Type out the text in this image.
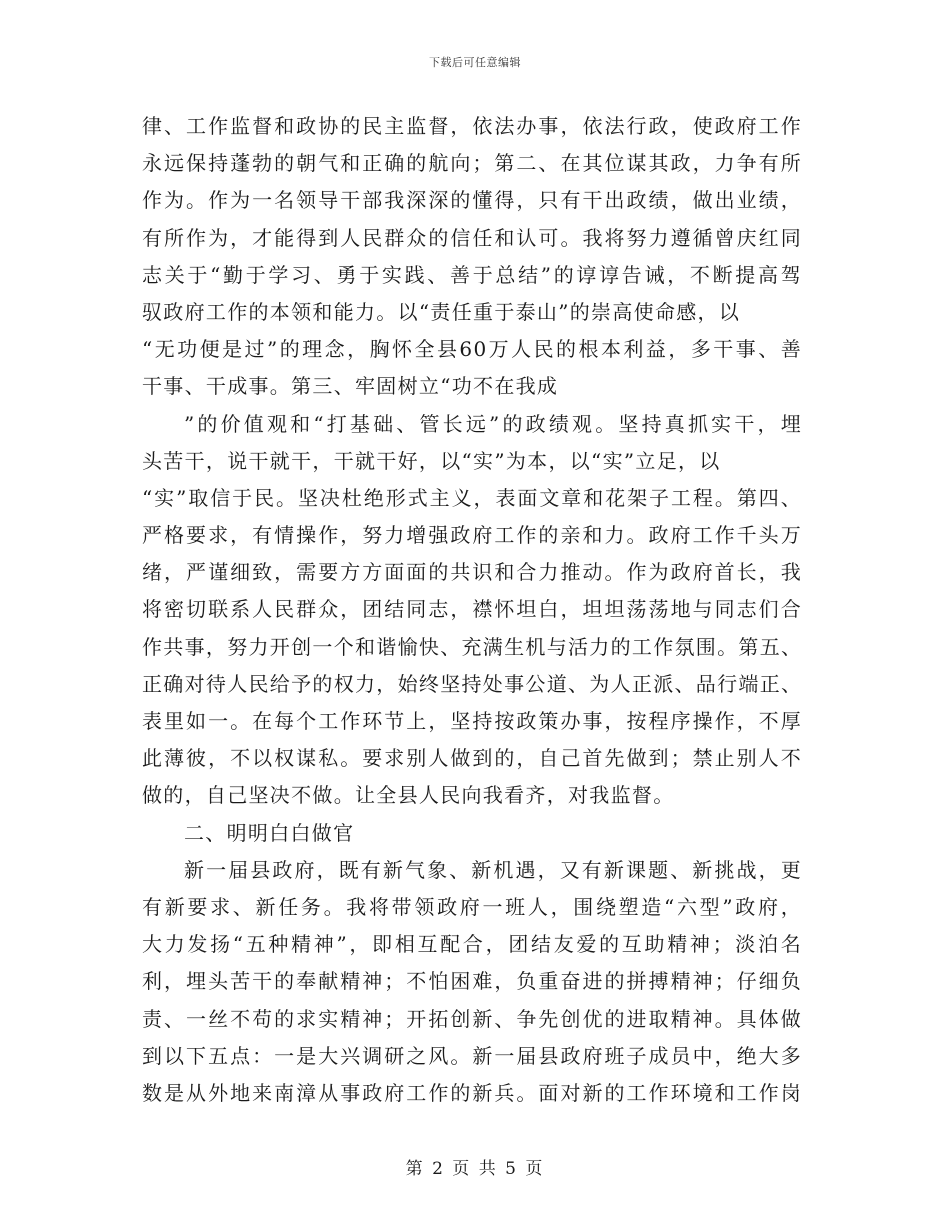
下载后可任意编辑
律、工作监督和政协的民主监督，依法办事，依法行政，使政府工作
永远保持蓬勃的朝气和正确的航向；第二、在其位谋其政，力争有所
作为。作为一名领导干部我深深的懂得，只有干出政绩，做出业绩，
有所作为，才能得到人民群众的信任和认可。我将努力遵循曾庆红同
志关于“勤于学习、勇于实践、善于总结”的谆谆告诫，不断提高驾
驭政府工作的本领和能力。以“责任重于泰山”的崇高使命感，以
“无功便是过”的理念，胸怀全县60万人民的根本利益，多干事、善
干事、干成事。第三、牢固树立“功不在我成
”的价值观和“打基础、管长远”的政绩观。坚持真抓实干，埋
头苦干，说干就干，干就干好，以“实”为本，以“实”立足，以
“实”取信于民。坚决杜绝形式主义，表面文章和花架子工程。第四、
严格要求，有情操作，努力增强政府工作的亲和力。政府工作千头万
绪，严谨细致，需要方方面面的共识和合力推动。作为政府首长，我
将密切联系人民群众，团结同志，襟怀坦白，坦坦荡荡地与同志们合
作共事，努力开创一个和谐愉快、充满生机与活力的工作氛围。第五、
正确对待人民给予的权力，始终坚持处事公道、为人正派、品行端正、
表里如一。在每个工作环节上，坚持按政策办事，按程序操作，不厚
此薄彼，不以权谋私。要求别人做到的，自己首先做到；禁止别人不
做的，自己坚决不做。让全县人民向我看齐，对我监督。
二、明明白白做官
新一届县政府，既有新气象、新机遇，又有新课题、新挑战，更
有新要求、新任务。我将带领政府一班人，围绕塑造“六型”政府，
大力发扬“五种精神”，即相互配合，团结友爱的互助精神；淡泊名
利，埋头苦干的奉献精神；不怕困难，负重奋进的拼搏精神；仔细负
责、一丝不苟的求实精神；开拓创新、争先创优的进取精神。具体做
到以下五点：一是大兴调研之风。新一届县政府班子成员中，绝大多
数是从外地来南漳从事政府工作的新兵。面对新的工作环境和工作岗
第 2 页 共 5 页
